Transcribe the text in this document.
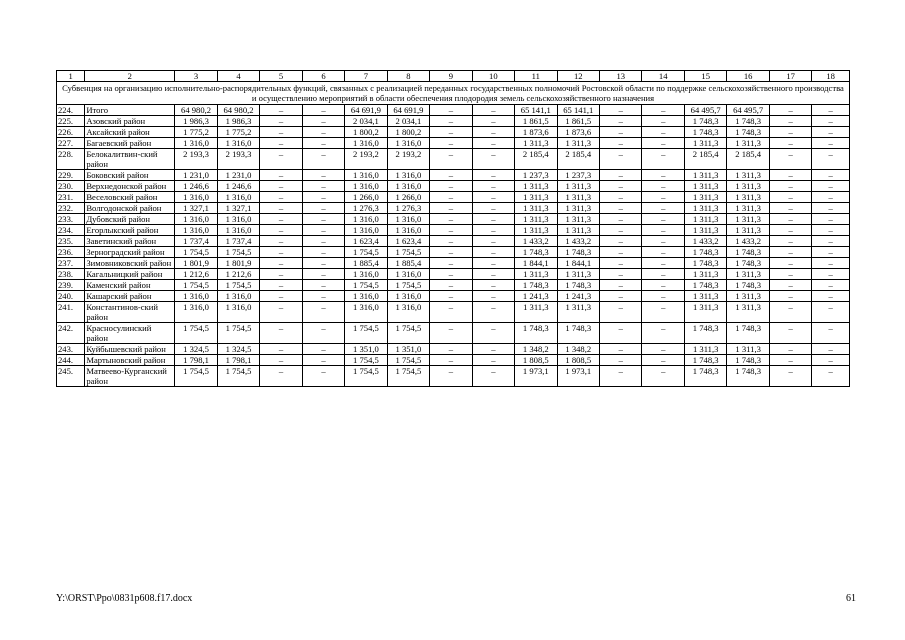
1	2	3	4	5	6	7	8	9	10	11	12	13	14	15	16	17	18
Субвенция на организацию исполнительно-распорядительных функций, связанных с реализацией переданных государственных полномочий Ростовской области по поддержке сельскохозяйственного производства и осуществлению мероприятий в области обеспечения плодородия земель сельскохозяйственного назначения																	
224.	Итого	64 980,2	64 980,2	–	–	64 691,9	64 691,9	–	–	65 141,1	65 141,1	–	–	64 495,7	64 495,7	–	–
225.	Азовский район	1 986,3	1 986,3	–	–	2 034,1	2 034,1	–	–	1 861,5	1 861,5	–	–	1 748,3	1 748,3	–	–
226.	Аксайский район	1 775,2	1 775,2	–	–	1 800,2	1 800,2	–	–	1 873,6	1 873,6	–	–	1 748,3	1 748,3	–	–
227.	Багаевский район	1 316,0	1 316,0	–	–	1 316,0	1 316,0	–	–	1 311,3	1 311,3	–	–	1 311,3	1 311,3	–	–
228.	Белокалитвин-ский район	2 193,3	2 193,3	–	–	2 193,2	2 193,2	–	–	2 185,4	2 185,4	–	–	2 185,4	2 185,4	–	–
229.	Боковский район	1 231,0	1 231,0	–	–	1 316,0	1 316,0	–	–	1 237,3	1 237,3	–	–	1 311,3	1 311,3	–	–
230.	Верхнедонской район	1 246,6	1 246,6	–	–	1 316,0	1 316,0	–	–	1 311,3	1 311,3	–	–	1 311,3	1 311,3	–	–
231.	Веселовский район	1 316,0	1 316,0	–	–	1 266,0	1 266,0	–	–	1 311,3	1 311,3	–	–	1 311,3	1 311,3	–	–
232.	Волгодонской район	1 327,1	1 327,1	–	–	1 276,3	1 276,3	–	–	1 311,3	1 311,3	–	–	1 311,3	1 311,3	–	–
233.	Дубовский район	1 316,0	1 316,0	–	–	1 316,0	1 316,0	–	–	1 311,3	1 311,3	–	–	1 311,3	1 311,3	–	–
234.	Егорлыкский район	1 316,0	1 316,0	–	–	1 316,0	1 316,0	–	–	1 311,3	1 311,3	–	–	1 311,3	1 311,3	–	–
235.	Заветинский район	1 737,4	1 737,4	–	–	1 623,4	1 623,4	–	–	1 433,2	1 433,2	–	–	1 433,2	1 433,2	–	–
236.	Зерноградский район	1 754,5	1 754,5	–	–	1 754,5	1 754,5	–	–	1 748,3	1 748,3	–	–	1 748,3	1 748,3	–	–
237.	Зимовниковский район	1 801,9	1 801,9	–	–	1 885,4	1 885,4	–	–	1 844,1	1 844,1	–	–	1 748,3	1 748,3	–	–
238.	Кагальницкий район	1 212,6	1 212,6	–	–	1 316,0	1 316,0	–	–	1 311,3	1 311,3	–	–	1 311,3	1 311,3	–	–
239.	Каменский район	1 754,5	1 754,5	–	–	1 754,5	1 754,5	–	–	1 748,3	1 748,3	–	–	1 748,3	1 748,3	–	–
240.	Кашарский район	1 316,0	1 316,0	–	–	1 316,0	1 316,0	–	–	1 241,3	1 241,3	–	–	1 311,3	1 311,3	–	–
241.	Константинов-ский район	1 316,0	1 316,0	–	–	1 316,0	1 316,0	–	–	1 311,3	1 311,3	–	–	1 311,3	1 311,3	–	–
242.	Красносулинский район	1 754,5	1 754,5	–	–	1 754,5	1 754,5	–	–	1 748,3	1 748,3	–	–	1 748,3	1 748,3	–	–
243.	Куйбышевский район	1 324,5	1 324,5	–	–	1 351,0	1 351,0	–	–	1 348,2	1 348,2	–	–	1 311,3	1 311,3	–	–
244.	Мартыновский район	1 798,1	1 798,1	–	–	1 754,5	1 754,5	–	–	1 808,5	1 808,5	–	–	1 748,3	1 748,3	–	–
245.	Матвеево-Курганский район	1 754,5	1 754,5	–	–	1 754,5	1 754,5	–	–	1 973,1	1 973,1	–	–	1 748,3	1 748,3	–	–
Y:\ORST\Ppo\0831p608.f17.docx	61
